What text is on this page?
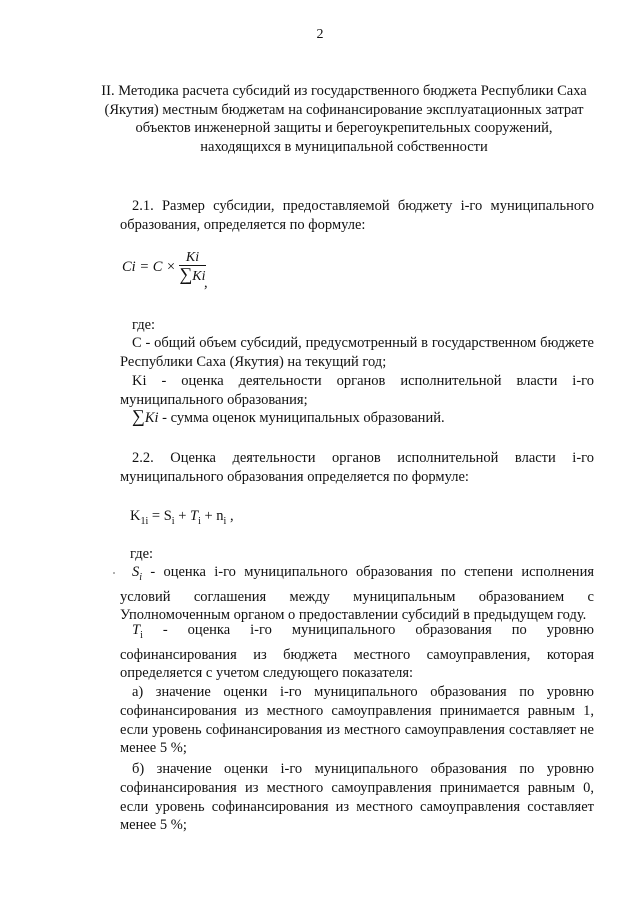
2
II. Методика расчета субсидий из государственного бюджета Республики Саха (Якутия) местным бюджетам на софинансирование эксплуатационных затрат объектов инженерной защиты и берегоукрепительных сооружений, находящихся в муниципальной собственности
2.1. Размер субсидии, предоставляемой бюджету i-го муниципального образования, определяется по формуле:
$Ci = C \times \frac{Ki}{\sum Ki}$
,
где:
C - общий объем субсидий, предусмотренный в государственном бюджете Республики Саха (Якутия) на текущий год;
Ki - оценка деятельности органов исполнительной власти i-го муниципального образования;
∑Ki - сумма оценок муниципальных образований.
2.2. Оценка деятельности органов исполнительной власти i-го муниципального образования определяется по формуле:
$K_{1i} = S_i + T_i + n_i$ ,
где:
$S_i$ - оценка i-го муниципального образования по степени исполнения условий соглашения между муниципальным образованием с Уполномоченным органом о предоставлении субсидий в предыдущем году.
$T_i$ - оценка i-го муниципального образования по уровню софинансирования из бюджета местного самоуправления, которая определяется с учетом следующего показателя:
а) значение оценки i-го муниципального образования по уровню софинансирования из местного самоуправления принимается равным 1, если уровень софинансирования из местного самоуправления составляет не менее 5 %;
б) значение оценки i-го муниципального образования по уровню софинансирования из местного самоуправления принимается равным 0, если уровень софинансирования из местного самоуправления составляет менее 5 %;
